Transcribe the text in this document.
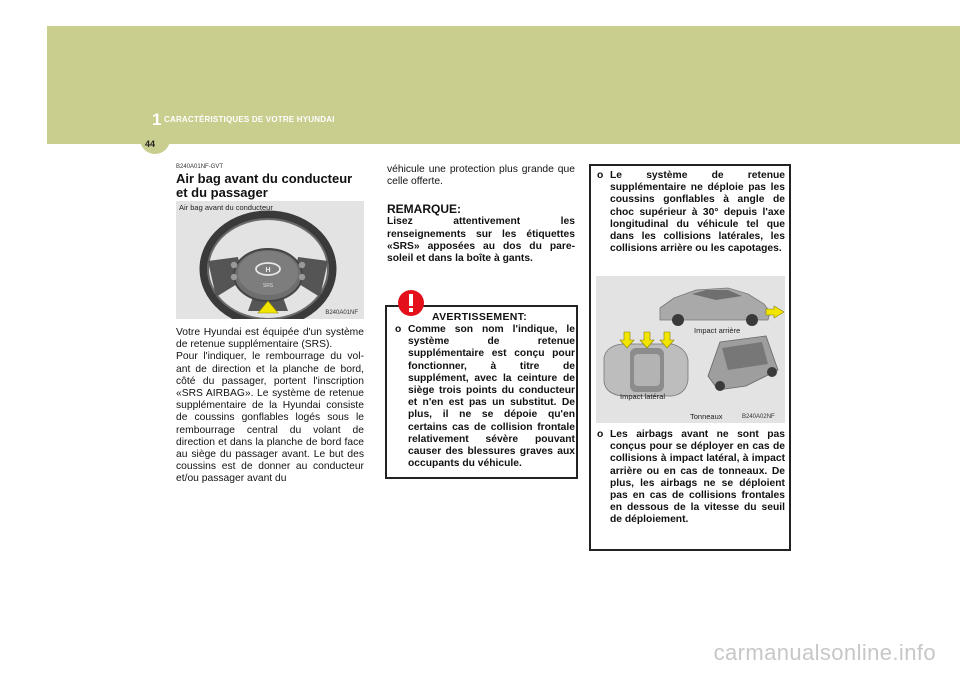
1 CARACTÉRISTIQUES DE VOTRE HYUNDAI
44
B240A01NF-GVT
Air bag avant du conducteur et du passager
Air bag avant du conducteur
H
SRS
B240A01NF

Votre Hyundai est équipée d'un système de retenue supplémentaire (SRS).
Pour l'indiquer, le rembourrage du vol-ant de direction et la planche de bord, côté du passager, portent l'inscription «SRS AIRBAG». Le système de retenue supplémentaire de la Hyundai consiste de coussins gonflables logés sous le rembourrage central du volant de direction et dans la planche de bord face au siège du passager avant. Le but des coussins est de donner au conducteur et/ou passager avant du

véhicule une protection plus grande que celle offerte.

REMARQUE:

Lisez attentivement les renseignements sur les étiquettes «SRS» apposées au dos du pare-soleil et dans la boîte à gants.

AVERTISSEMENT:
o Comme son nom l'indique, le système de retenue supplémentaire est conçu pour fonctionner, à titre de supplément, avec la ceinture de siège trois points du conducteur et n'en est pas un substitut. De plus, il ne se dépoie qu'en certains cas de collision frontale relativement sévère pouvant causer des blessures graves aux occupants du véhicule.
o Le système de retenue supplémentaire ne déploie pas les coussins gonflables à angle de choc supérieur à 30° depuis l'axe longitudinal du véhicule tel que dans les collisions latérales, les collisions arrière ou les capotages.
Impact arrière
Impact latéral
Tonneaux	B240A02NF
o Les airbags avant ne sont pas conçus pour se déployer en cas de collisions à impact latéral, à impact arrière ou en cas de tonneaux. De plus, les airbags ne se déploient pas en cas de collisions frontales en dessous de la vitesse du seuil de déploiement.
carmanualsonline.info
